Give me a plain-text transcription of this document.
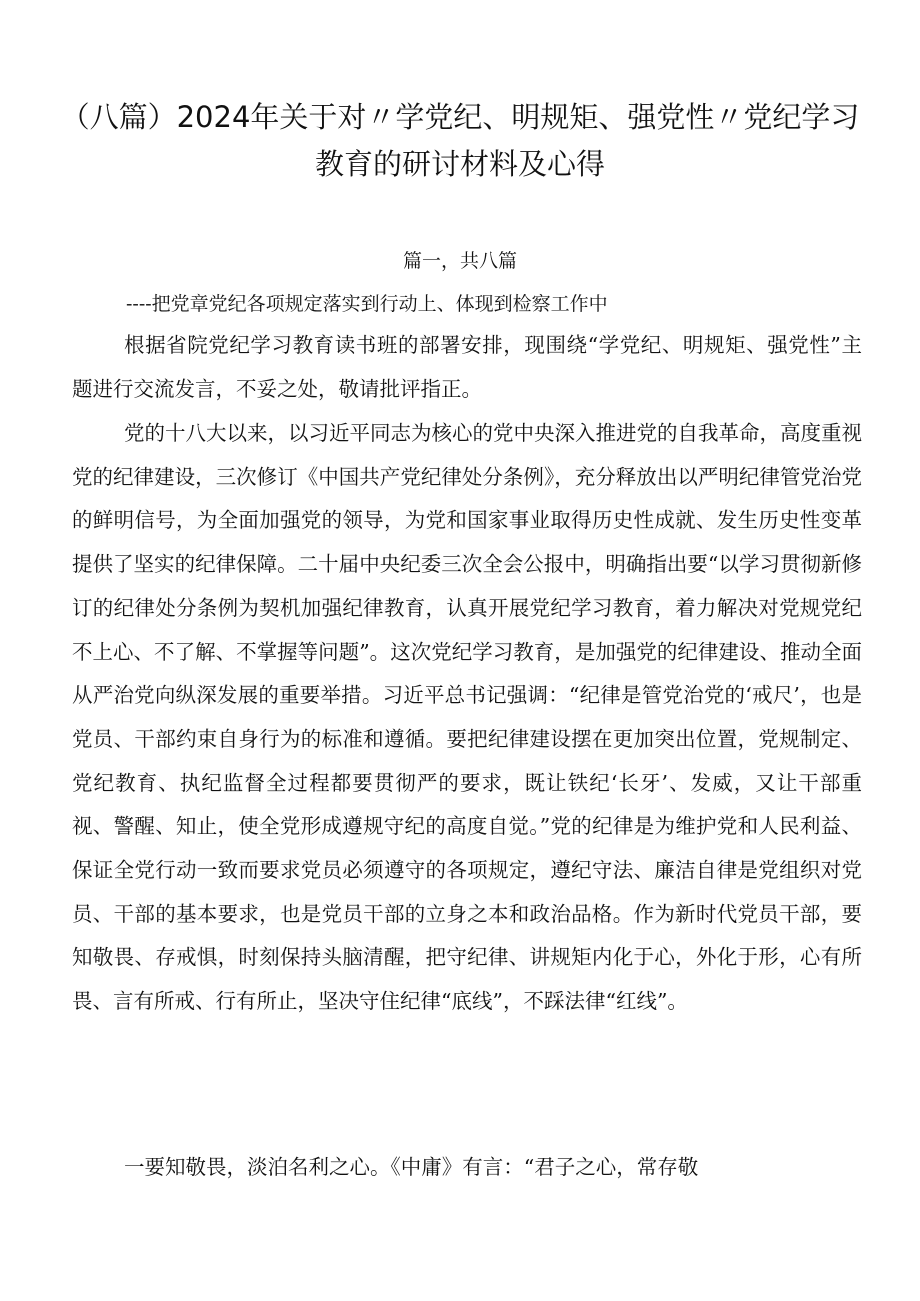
（八篇）2024年关于对〃学党纪、明规矩、强党性〃党纪学习教育的研讨材料及心得
篇一，共八篇
----把党章党纪各项规定落实到行动上、体现到检察工作中

根据省院党纪学习教育读书班的部署安排，现围绕“学党纪、明规矩、强党性”主题进行交流发言，不妥之处，敬请批评指正。

党的十八大以来，以习近平同志为核心的党中央深入推进党的自我革命，高度重视党的纪律建设，三次修订《中国共产党纪律处分条例》，充分释放出以严明纪律管党治党的鲜明信号，为全面加强党的领导，为党和国家事业取得历史性成就、发生历史性变革提供了坚实的纪律保障。二十届中央纪委三次全会公报中，明确指出要“以学习贯彻新修订的纪律处分条例为契机加强纪律教育，认真开展党纪学习教育，着力解决对党规党纪不上心、不了解、不掌握等问题”。这次党纪学习教育，是加强党的纪律建设、推动全面从严治党向纵深发展的重要举措。习近平总书记强调：“纪律是管党治党的‘戒尺’，也是党员、干部约束自身行为的标准和遵循。要把纪律建设摆在更加突出位置，党规制定、党纪教育、执纪监督全过程都要贯彻严的要求，既让铁纪‘长牙’、发威，又让干部重视、警醒、知止，使全党形成遵规守纪的高度自觉。”党的纪律是为维护党和人民利益、保证全党行动一致而要求党员必须遵守的各项规定，遵纪守法、廉洁自律是党组织对党员、干部的基本要求，也是党员干部的立身之本和政治品格。作为新时代党员干部，要知敬畏、存戒惧，时刻保持头脑清醒，把守纪律、讲规矩内化于心，外化于形，心有所畏、言有所戒、行有所止，坚决守住纪律“底线”，不踩法律“红线”。

一要知敬畏，淡泊名利之心。《中庸》有言：“君子之心，常存敬
